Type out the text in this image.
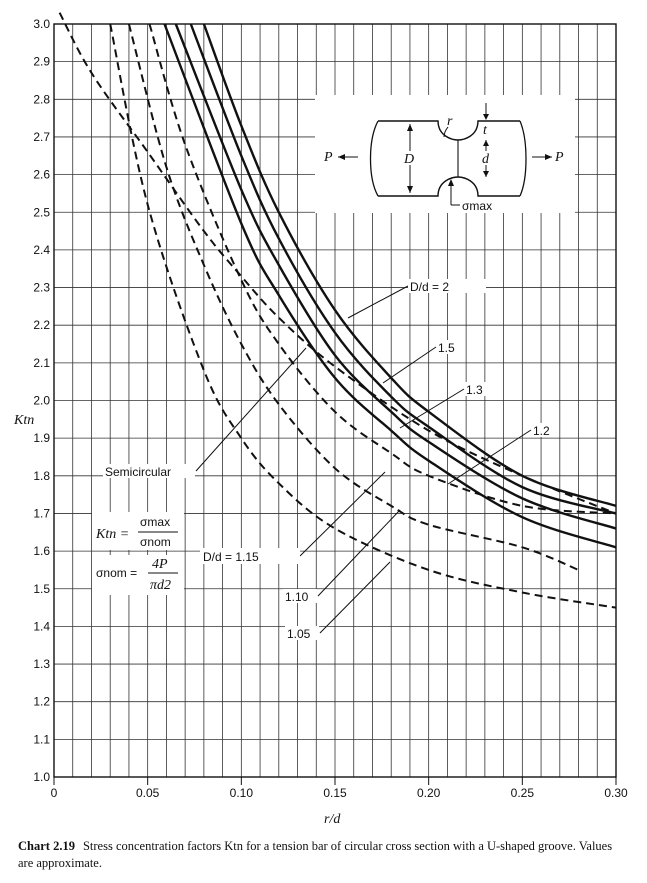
1.0
1.1
1.2
1.3
1.4
1.5
1.6
1.7
1.8
1.9
2.0
2.1
2.2
2.3
2.4
2.5
2.6
2.7
2.8
2.9
3.0
0	0.05	0.10	0.15	0.20	0.25	0.30
Ktn
r/d
D/d = 2
1.5
1.3
1.2
Semicircular
D/d = 1.15
1.10
1.05
Ktn =
σmax
σnom
σnom =
4P
πd2
D	d
t
r
P	P
σmax
Chart 2.19 Stress concentration factors Ktn for a tension bar of circular cross section with a U-shaped groove. Values are approximate.
